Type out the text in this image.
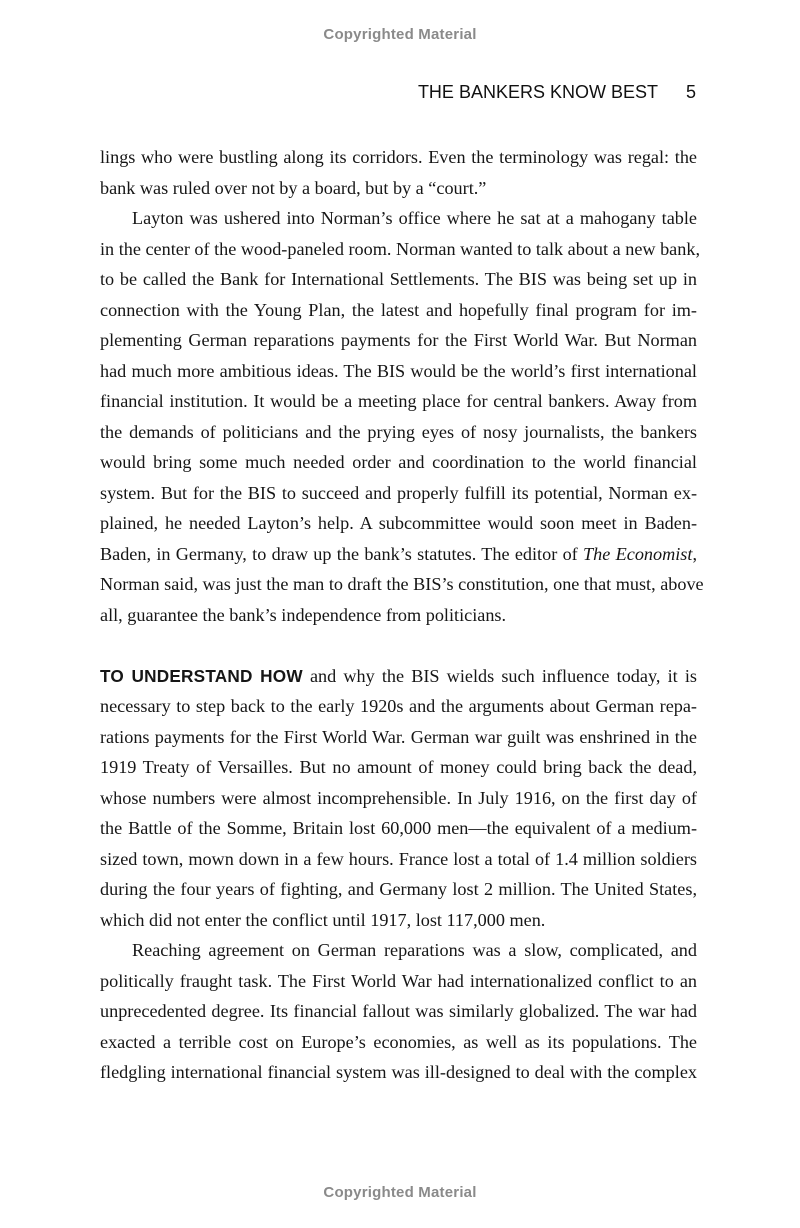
Copyrighted Material
THE BANKERS KNOW BEST 5
lings who were bustling along its corridors. Even the terminology was regal: the
bank was ruled over not by a board, but by a “court.”
Layton was ushered into Norman’s office where he sat at a mahogany table
in the center of the wood-paneled room. Norman wanted to talk about a new bank,
to be called the Bank for International Settlements. The BIS was being set up in
connection with the Young Plan, the latest and hopefully final program for im-
plementing German reparations payments for the First World War. But Norman
had much more ambitious ideas. The BIS would be the world’s first international
financial institution. It would be a meeting place for central bankers. Away from
the demands of politicians and the prying eyes of nosy journalists, the bankers
would bring some much needed order and coordination to the world financial
system. But for the BIS to succeed and properly fulfill its potential, Norman ex-
plained, he needed Layton’s help. A subcommittee would soon meet in Baden-
Baden, in Germany, to draw up the bank’s statutes. The editor of The Economist,
Norman said, was just the man to draft the BIS’s constitution, one that must, above
all, guarantee the bank’s independence from politicians.
TO UNDERSTAND HOW and why the BIS wields such influence today, it is
necessary to step back to the early 1920s and the arguments about German repa-
rations payments for the First World War. German war guilt was enshrined in the
1919 Treaty of Versailles. But no amount of money could bring back the dead,
whose numbers were almost incomprehensible. In July 1916, on the first day of
the Battle of the Somme, Britain lost 60,000 men—the equivalent of a medium-
sized town, mown down in a few hours. France lost a total of 1.4 million soldiers
during the four years of fighting, and Germany lost 2 million. The United States,
which did not enter the conflict until 1917, lost 117,000 men.
Reaching agreement on German reparations was a slow, complicated, and
politically fraught task. The First World War had internationalized conflict to an
unprecedented degree. Its financial fallout was similarly globalized. The war had
exacted a terrible cost on Europe’s economies, as well as its populations. The
fledgling international financial system was ill-designed to deal with the complex
Copyrighted Material
